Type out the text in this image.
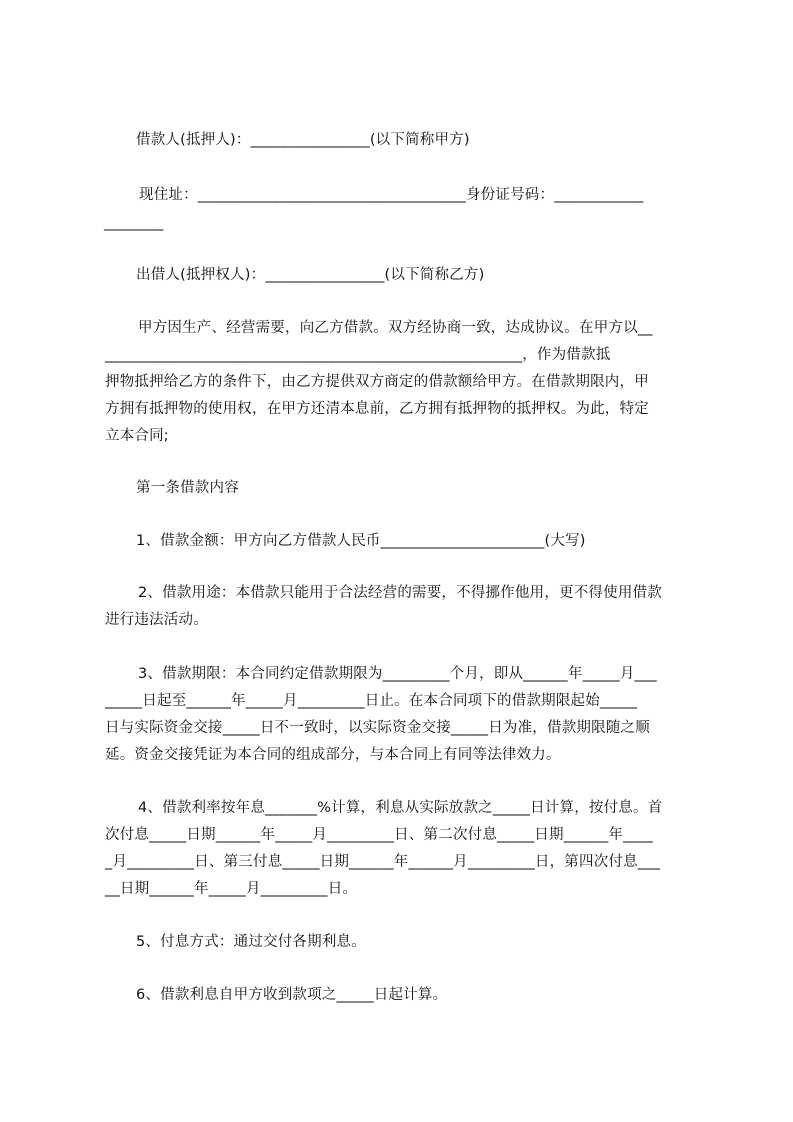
借款人(抵押人)：________________(以下简称甲方)
现住址：____________________________________身份证号码：____________
________
出借人(抵押权人)：________________(以下简称乙方)
甲方因生产、经营需要，向乙方借款。双方经协商一致，达成协议。在甲方以__
________________________________________________________，作为借款抵
押物抵押给乙方的条件下，由乙方提供双方商定的借款额给甲方。在借款期限内，甲
方拥有抵押物的使用权，在甲方还清本息前，乙方拥有抵押物的抵押权。为此，特定
立本合同;
第一条借款内容
1、借款金额：甲方向乙方借款人民币______________________(大写)
2、借款用途：本借款只能用于合法经营的需要，不得挪作他用，更不得使用借款
进行违法活动。
3、借款期限：本合同约定借款期限为_________个月，即从______年_____月___
_____日起至______年_____月_________日止。在本合同项下的借款期限起始_____
日与实际资金交接_____日不一致时，以实际资金交接_____日为准，借款期限随之顺
延。资金交接凭证为本合同的组成部分，与本合同上有同等法律效力。
4、借款利率按年息_______%计算，利息从实际放款之_____日计算，按付息。首
次付息_____日期______年_____月_________日、第二次付息_____日期______年____
_月_________日、第三付息_____日期______年______月_________日，第四次付息___
__日期______年_____月_________日。
5、付息方式：通过交付各期利息。
6、借款利息自甲方收到款项之_____日起计算。
